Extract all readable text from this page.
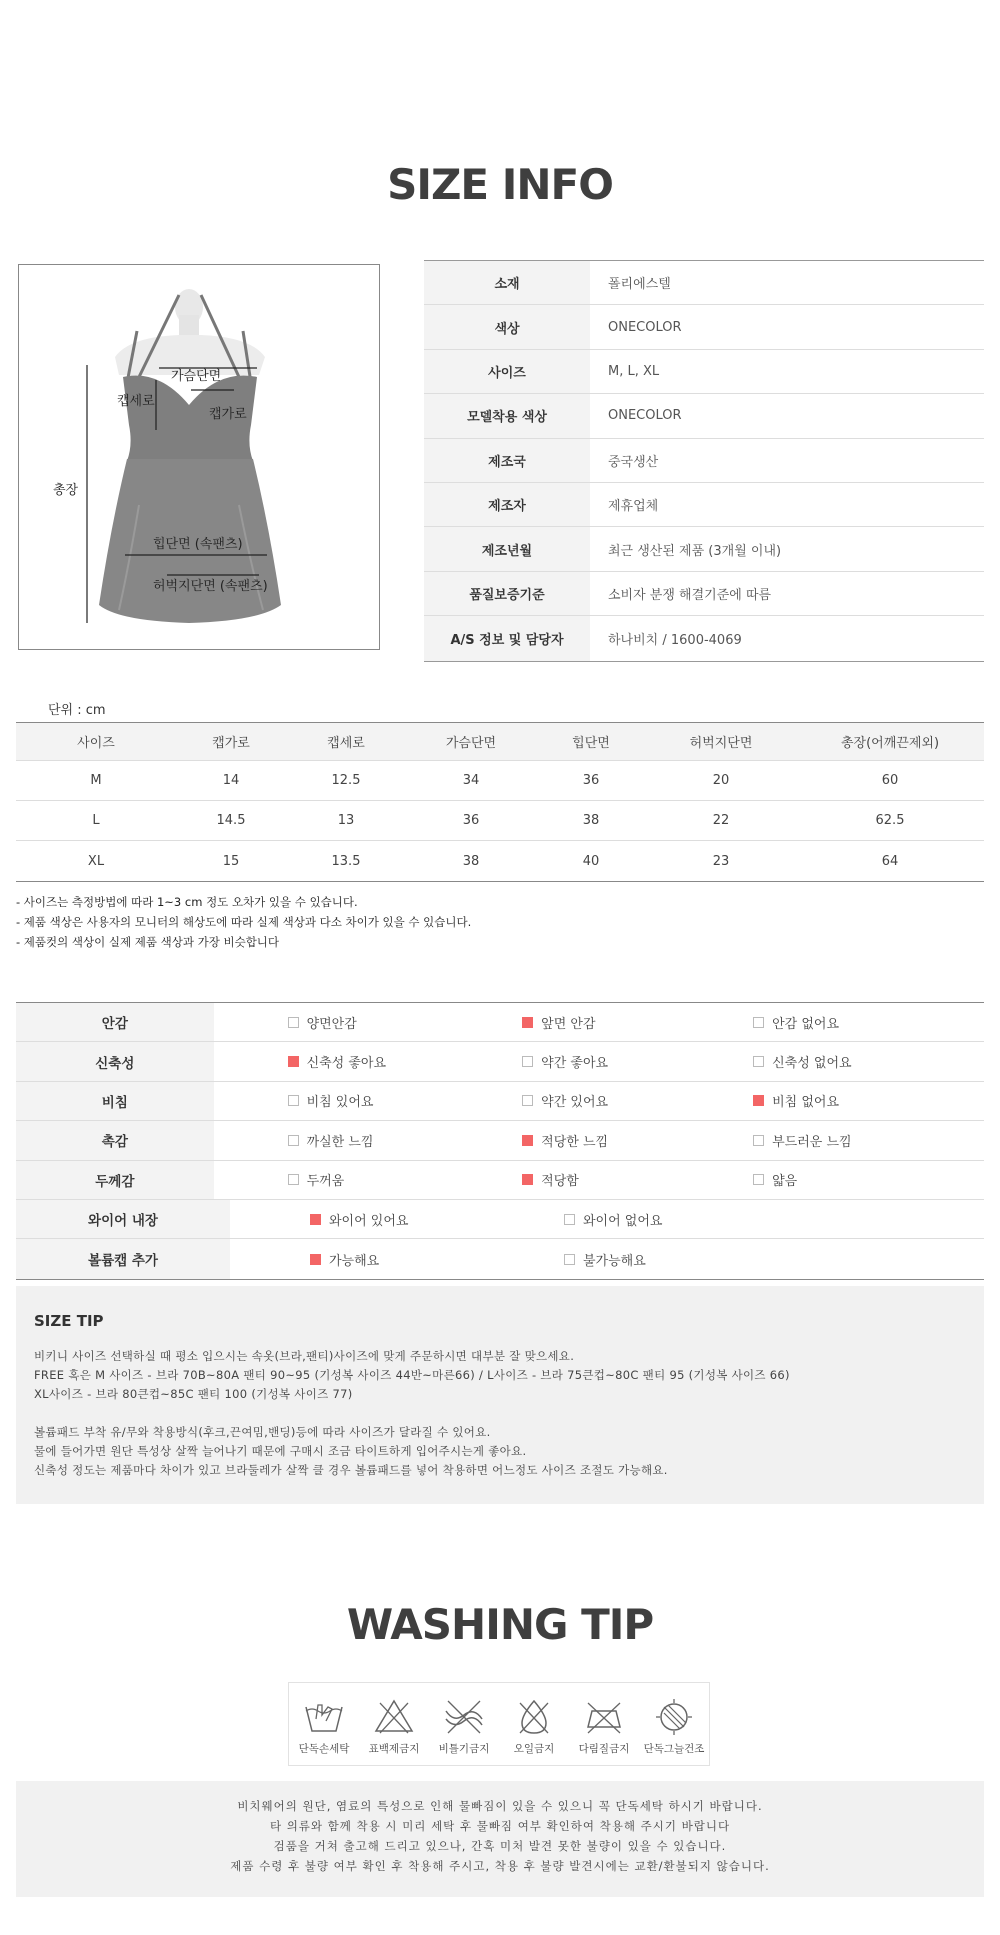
SIZE INFO
가슴단면
캡세로
캡가로
총장
힙단면 (속팬츠)
허벅지단면 (속팬츠)
소재	폴리에스텔
색상	ONECOLOR
사이즈	M, L, XL
모델착용 색상	ONECOLOR
제조국	중국생산
제조자	제휴업체
제조년월	최근 생산된 제품 (3개월 이내)
품질보증기준	소비자 분쟁 해결기준에 따름
A/S 정보 및 담당자	하나비치 / 1600-4069
단위 : cm
사이즈	캡가로	캡세로	가슴단면	힙단면	허벅지단면	총장(어깨끈제외)
M	14	12.5	34	36	20	60
L	14.5	13	36	38	22	62.5
XL	15	13.5	38	40	23	64
- 사이즈는 측정방법에 따라 1~3 cm 정도 오차가 있을 수 있습니다.
- 제품 색상은 사용자의 모니터의 해상도에 따라 실제 색상과 다소 차이가 있을 수 있습니다.
- 제품컷의 색상이 실제 제품 색상과 가장 비슷합니다
안감	양면안감	앞면 안감	안감 없어요
신축성	신축성 좋아요	약간 좋아요	신축성 없어요
비침	비침 있어요	약간 있어요	비침 없어요
촉감	까실한 느낌	적당한 느낌	부드러운 느낌
두께감	두꺼움	적당함	얇음
와이어 내장	와이어 있어요	와이어 없어요
볼륨캡 추가	가능해요	불가능해요
SIZE TIP
비키니 사이즈 선택하실 때 평소 입으시는 속옷(브라,팬티)사이즈에 맞게 주문하시면 대부분 잘 맞으세요.
FREE 혹은 M 사이즈 - 브라 70B~80A 팬티 90~95 (기성복 사이즈 44반~마른66) / L사이즈 - 브라 75큰컵~80C 팬티 95 (기성복 사이즈 66)
XL사이즈 - 브라 80큰컵~85C 팬티 100 (기성복 사이즈 77)
볼륨패드 부착 유/무와 착용방식(후크,끈여밈,밴딩)등에 따라 사이즈가 달라질 수 있어요.
물에 들어가면 원단 특성상 살짝 늘어나기 때문에 구매시 조금 타이트하게 입어주시는게 좋아요.
신축성 정도는 제품마다 차이가 있고 브라둘레가 살짝 클 경우 볼륨패드를 넣어 착용하면 어느정도 사이즈 조절도 가능해요.
WASHING TIP
단독손세탁 표백제금지 비틀기금지 오일금지 다림질금지 단독그늘건조
비치웨어의 원단, 염료의 특성으로 인해 물빠짐이 있을 수 있으니 꼭 단독세탁 하시기 바랍니다.
타 의류와 함께 착용 시 미리 세탁 후 물빠짐 여부 확인하여 착용해 주시기 바랍니다
검품을 거쳐 출고해 드리고 있으나, 간혹 미처 발견 못한 불량이 있을 수 있습니다.
제품 수령 후 불량 여부 확인 후 착용해 주시고, 착용 후 불량 발견시에는 교환/환불되지 않습니다.
